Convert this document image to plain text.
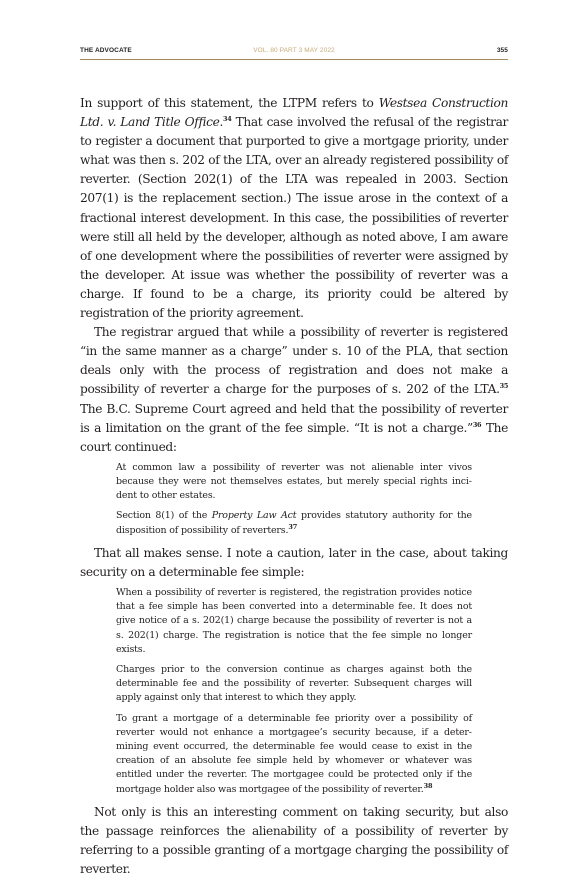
THE ADVOCATE	VOL. 80 PART 3 MAY 2022	355

In support of this statement, the LTPM refers to Westsea Construction Ltd. v. Land Title Office.$^{34}$ That case involved the refusal of the registrar to register a document that purported to give a mortgage priority, under what was then s. 202 of the LTA, over an already registered possibility of reverter. (Section 202(1) of the LTA was repealed in 2003. Section 207(1) is the replacement section.) The issue arose in the context of a fractional interest development. In this case, the possibilities of reverter were still all held by the developer, although as noted above, I am aware of one development where the possibilities of reverter were assigned by the developer. At issue was whether the possibility of reverter was a charge. If found to be a charge, its priority could be altered by registration of the priority agreement.

The registrar argued that while a possibility of reverter is registered “in the same manner as a charge” under s. 10 of the PLA, that section deals only with the process of registration and does not make a possibility of reverter a charge for the purposes of s. 202 of the LTA.$^{35}$ The B.C. Supreme Court agreed and held that the possibility of reverter is a limitation on the grant of the fee simple. “It is not a charge.”$^{36}$ The court continued:

At common law a possibility of reverter was not alienable inter vivos because they were not themselves estates, but merely special rights incident to other estates.

Section 8(1) of the Property Law Act provides statutory authority for the disposition of possibility of reverters.$^{37}$

That all makes sense. I note a caution, later in the case, about taking security on a determinable fee simple:

When a possibility of reverter is registered, the registration provides notice that a fee simple has been converted into a determinable fee. It does not give notice of a s. 202(1) charge because the possibility of reverter is not a s. 202(1) charge. The registration is notice that the fee simple no longer exists.

Charges prior to the conversion continue as charges against both the determinable fee and the possibility of reverter. Subsequent charges will apply against only that interest to which they apply.

To grant a mortgage of a determinable fee priority over a possibility of reverter would not enhance a mortgagee’s security because, if a determining event occurred, the determinable fee would cease to exist in the creation of an absolute fee simple held by whomever or whatever was entitled under the reverter. The mortgagee could be protected only if the mortgage holder also was mortgagee of the possibility of reverter.$^{38}$

Not only is this an interesting comment on taking security, but also the passage reinforces the alienability of a possibility of reverter by referring to a possible granting of a mortgage charging the possibility of reverter.
